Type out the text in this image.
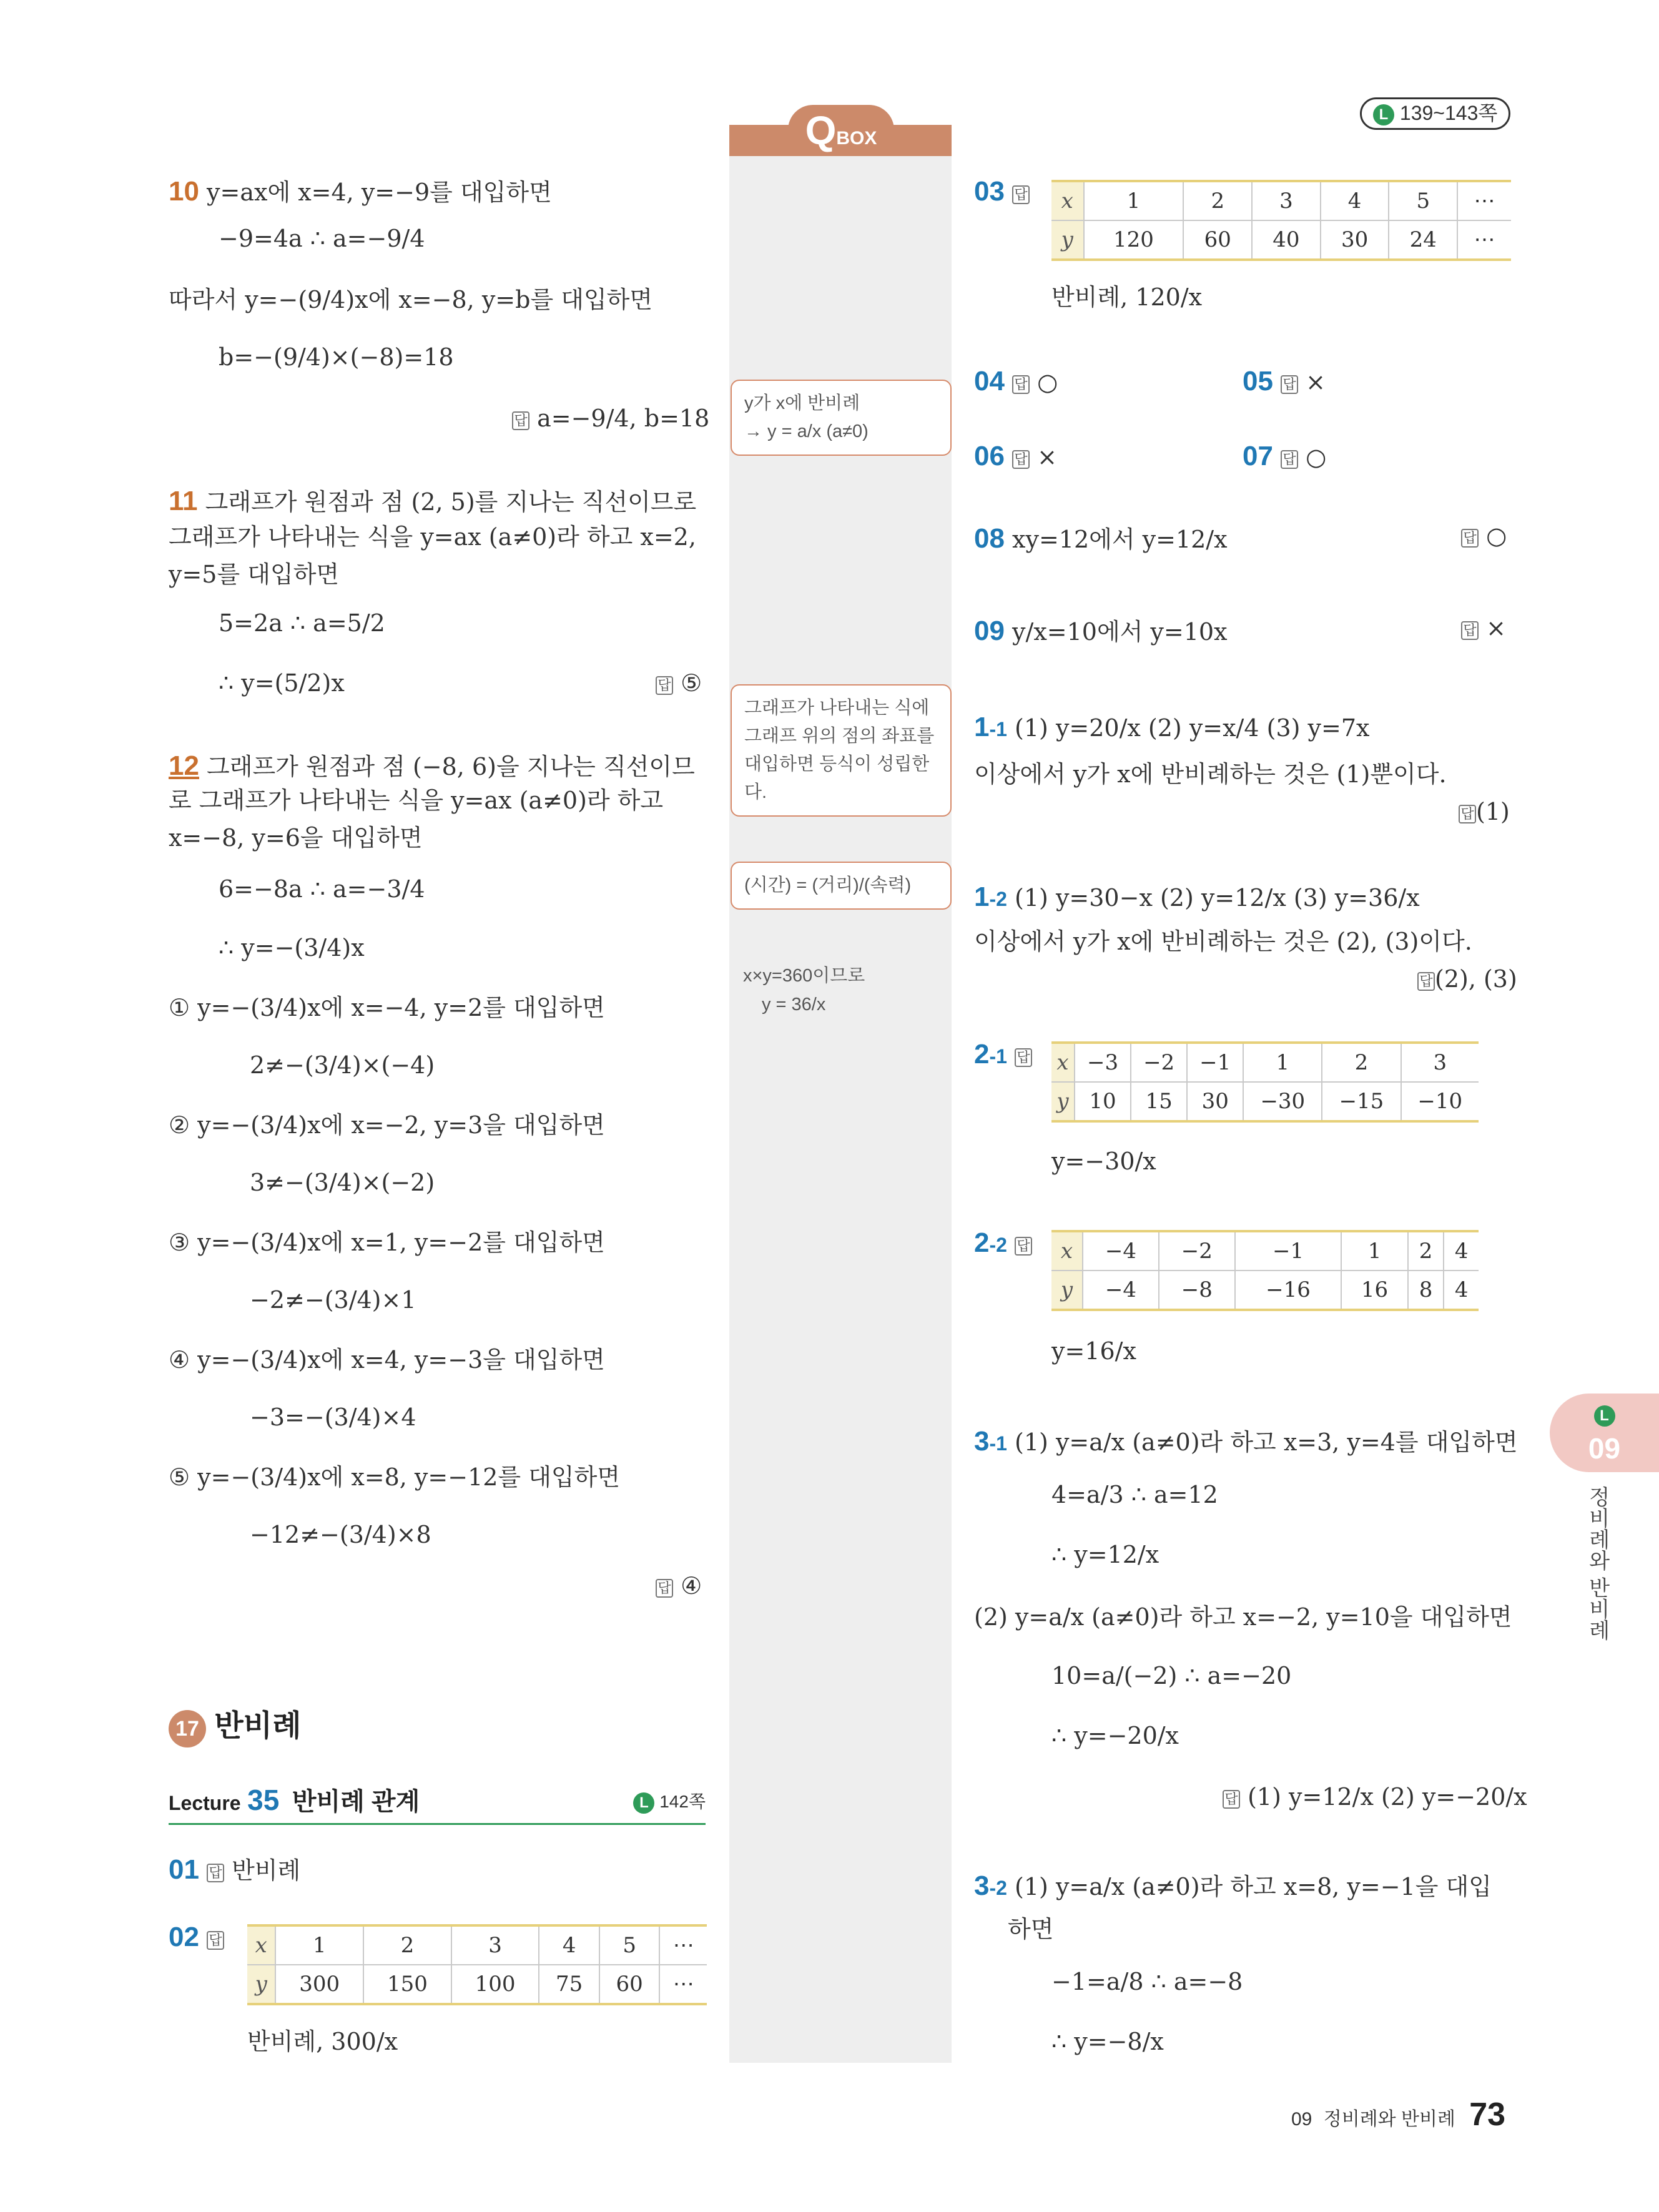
L 139~143쪽
QBOX
y가 x에 반비례
→ y = a/x (a≠0)
그래프가 나타내는 식에 그래프 위의 점의 좌표를 대입하면 등식이 성립한다.
(시간) = (거리)/(속력)
x×y=360이므로
y = 36/x
10 y=ax에 x=4, y=−9를 대입하면
−9=4a ∴ a=−9/4
따라서 y=−(9/4)x에 x=−8, y=b를 대입하면
b=−(9/4)×(−8)=18
답 a=−9/4, b=18
11 그래프가 원점과 점 (2, 5)를 지나는 직선이므로
그래프가 나타내는 식을 y=ax (a≠0)라 하고 x=2,
y=5를 대입하면
5=2a ∴ a=5/2
∴ y=(5/2)x	답 ⑤
12 그래프가 원점과 점 (−8, 6)을 지나는 직선이므
로 그래프가 나타내는 식을 y=ax (a≠0)라 하고
x=−8, y=6을 대입하면
6=−8a ∴ a=−3/4
∴ y=−(3/4)x
① y=−(3/4)x에 x=−4, y=2를 대입하면
2≠−(3/4)×(−4)
② y=−(3/4)x에 x=−2, y=3을 대입하면
3≠−(3/4)×(−2)
③ y=−(3/4)x에 x=1, y=−2를 대입하면
−2≠−(3/4)×1
④ y=−(3/4)x에 x=4, y=−3을 대입하면
−3=−(3/4)×4
⑤ y=−(3/4)x에 x=8, y=−12를 대입하면
−12≠−(3/4)×8
답 ④
17 반비례
Lecture 35 반비례 관계	L 142쪽
01 답 반비례
02 답 x	1	2	3	4	5	⋯
y	300	150	100	75	60	⋯
반비례, 300/x
03 답 x	1	2	3	4	5	⋯
y	120	60	40	30	24	⋯
반비례, 120/x
04 답 ○	05 답 ×
06 답 ×	07 답 ○
08 xy=12에서 y=12/x	답 ○
09 y/x=10에서 y=10x	답 ×
1-1 (1) y=20/x (2) y=x/4 (3) y=7x
이상에서 y가 x에 반비례하는 것은 (1)뿐이다.
답(1)
1-2 (1) y=30−x (2) y=12/x (3) y=36/x
이상에서 y가 x에 반비례하는 것은 (2), (3)이다.
답(2), (3)
2-1 답 x	−3	−2	−1	1	2	3
y	10	15	30	−30	−15	−10
y=−30/x
2-2 답 x	−4	−2	−1	1	2	4
y	−4	−8	−16	16	8	4
y=16/x
3-1 (1) y=a/x (a≠0)라 하고 x=3, y=4를 대입하면
4=a/3 ∴ a=12
∴ y=12/x
(2) y=a/x (a≠0)라 하고 x=−2, y=10을 대입하면
10=a/(−2) ∴ a=−20
∴ y=−20/x
답 (1) y=12/x (2) y=−20/x
3-2 (1) y=a/x (a≠0)라 하고 x=8, y=−1을 대입
하면
−1=a/8 ∴ a=−8
∴ y=−8/x
L
09
정비례와 반비례
09 정비례와 반비례 73
